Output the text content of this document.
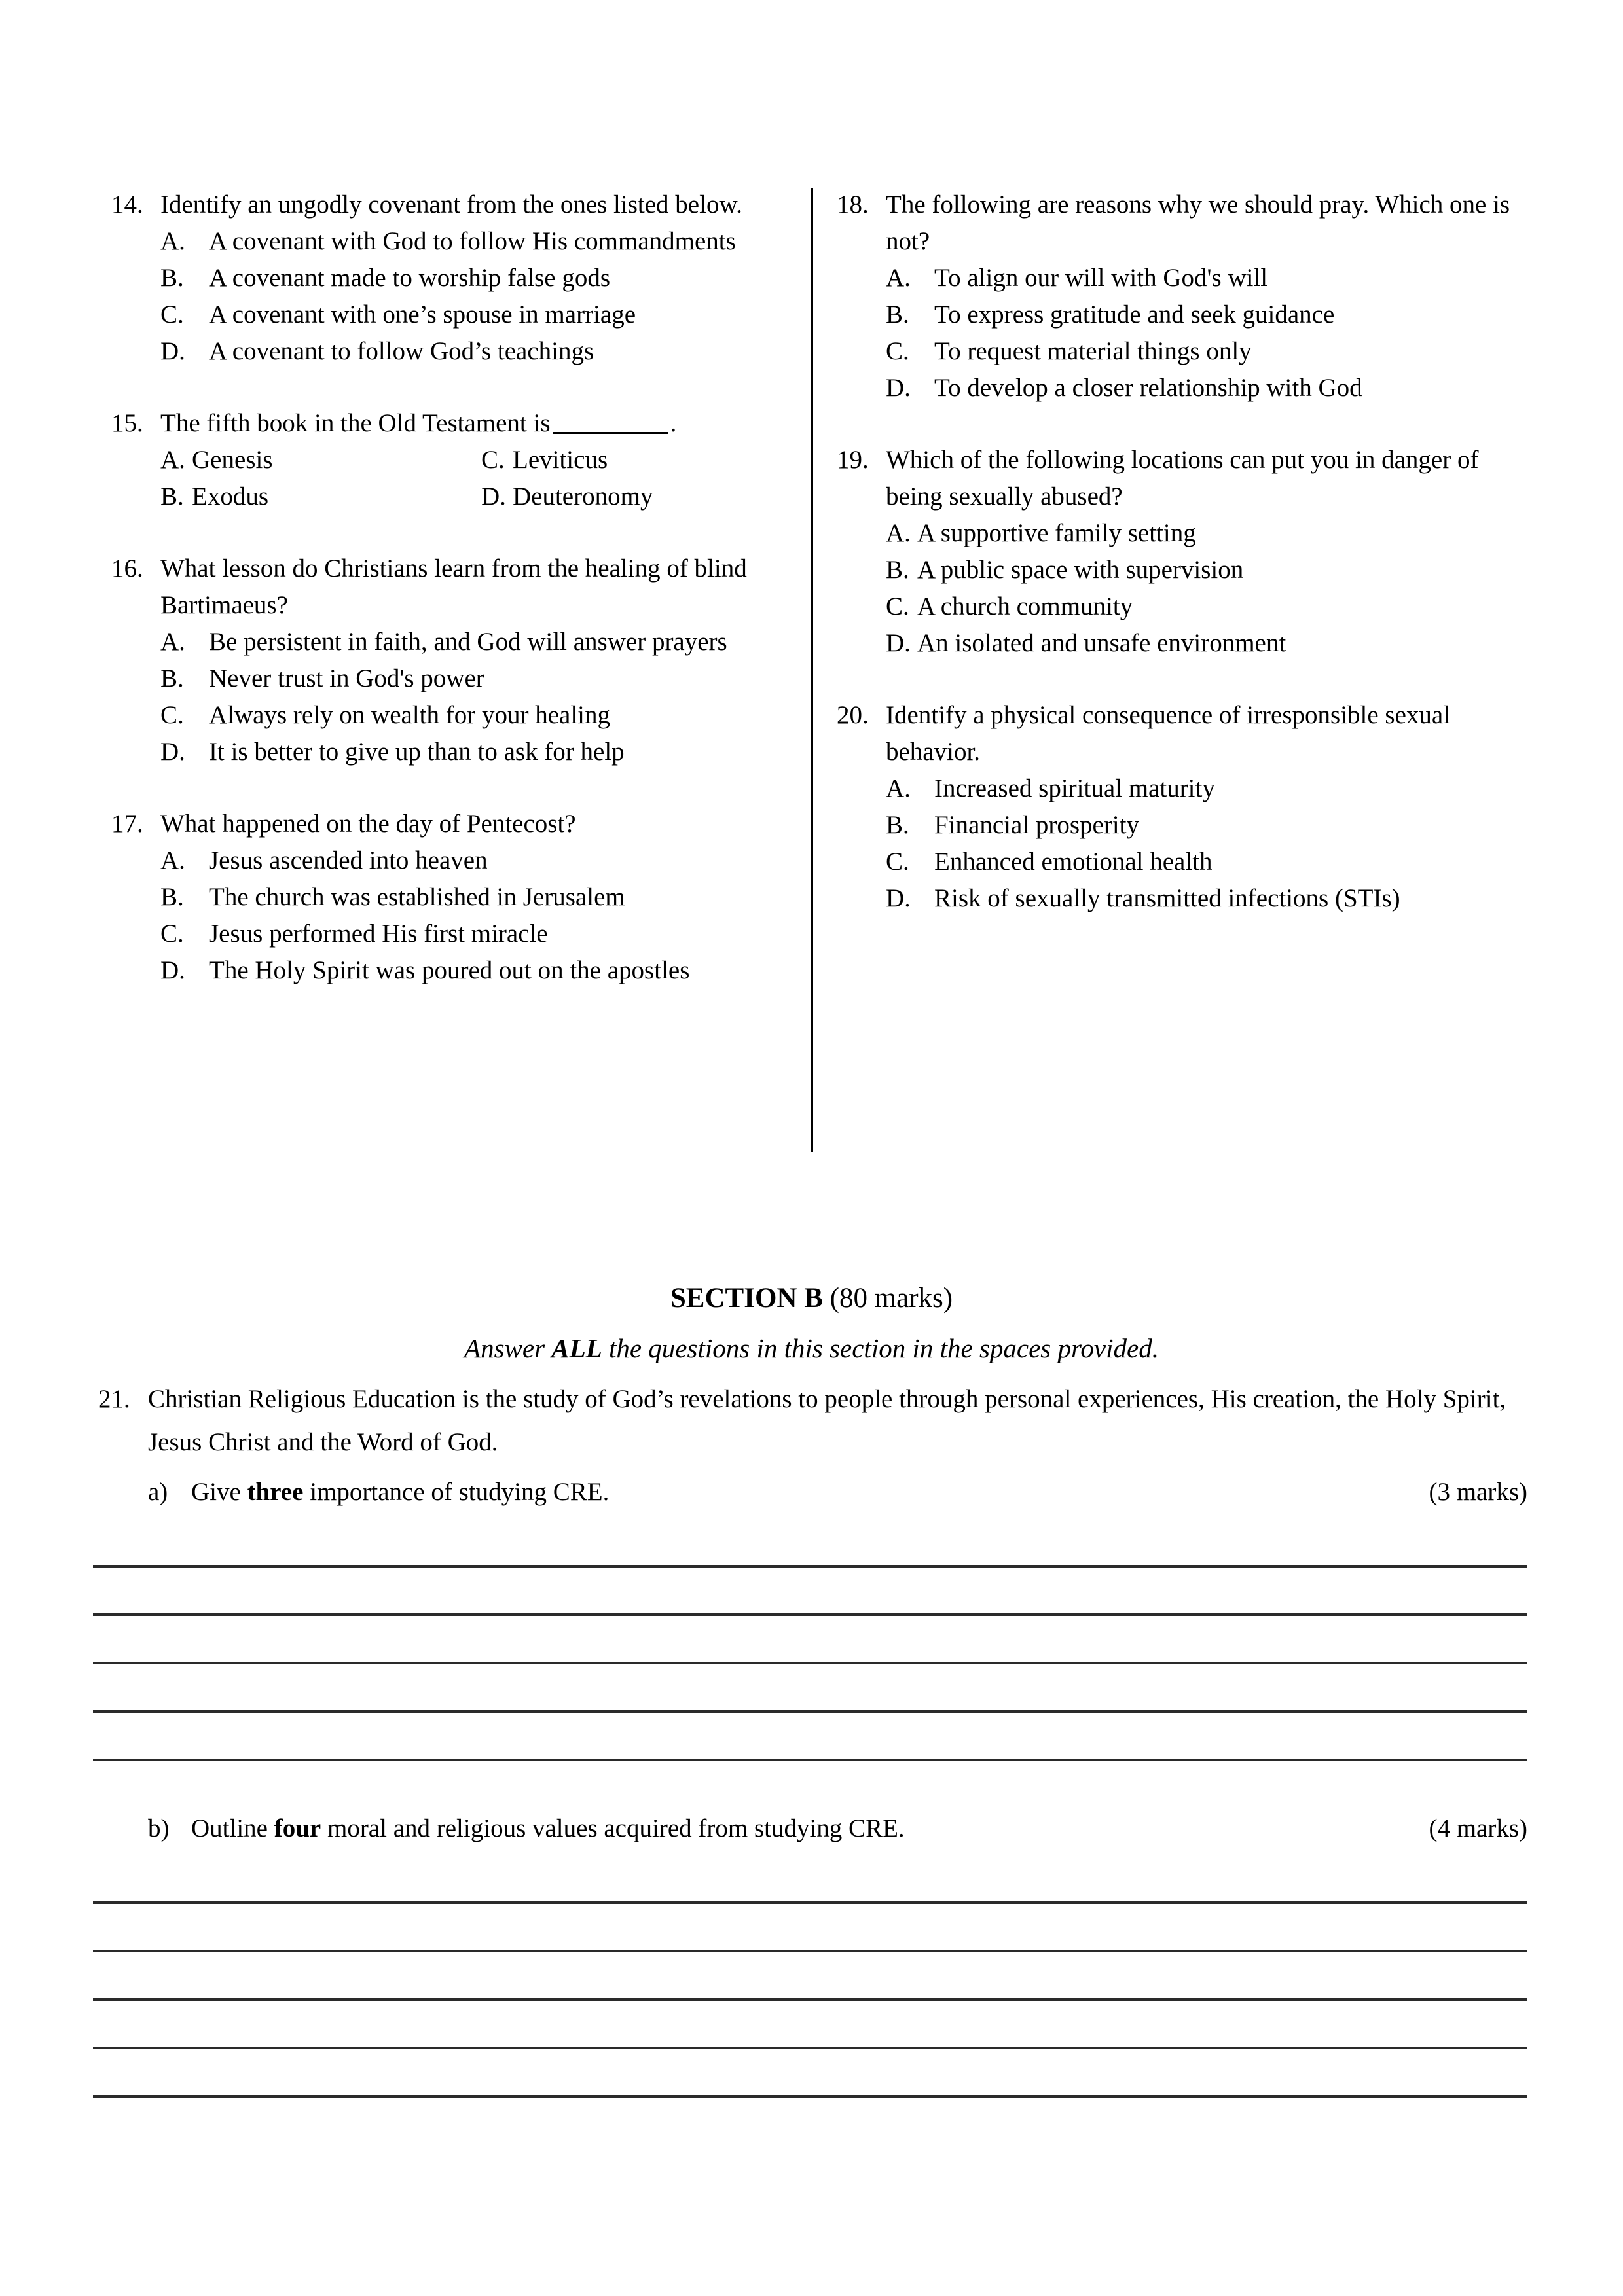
14. Identify an ungodly covenant from the ones listed below.
A. A covenant with God to follow His commandments
B. A covenant made to worship false gods
C. A covenant with one’s spouse in marriage
D. A covenant to follow God’s teachings
15. The fifth book in the Old Testament is	.
A. Genesis	C. Leviticus
B. Exodus	D. Deuteronomy
16. What lesson do Christians learn from the healing of blind Bartimaeus?
A. Be persistent in faith, and God will answer prayers
B. Never trust in God's power
C. Always rely on wealth for your healing
D. It is better to give up than to ask for help
17. What happened on the day of Pentecost?
A. Jesus ascended into heaven
B. The church was established in Jerusalem
C. Jesus performed His first miracle
D. The Holy Spirit was poured out on the apostles
18. The following are reasons why we should pray. Which one is not?
A. To align our will with God's will
B. To express gratitude and seek guidance
C. To request material things only
D. To develop a closer relationship with God
19. Which of the following locations can put you in danger of being sexually abused?
A. A supportive family setting
B. A public space with supervision
C. A church community
D. An isolated and unsafe environment
20. Identify a physical consequence of irresponsible sexual behavior.
A. Increased spiritual maturity
B. Financial prosperity
C. Enhanced emotional health
D. Risk of sexually transmitted infections (STIs)
SECTION B (80 marks)
Answer ALL the questions in this section in the spaces provided.
21. Christian Religious Education is the study of God’s revelations to people through personal experiences, His creation, the Holy Spirit, Jesus Christ and the Word of God.
a) Give three importance of studying CRE.	(3 marks)
b) Outline four moral and religious values acquired from studying CRE.	(4 marks)
